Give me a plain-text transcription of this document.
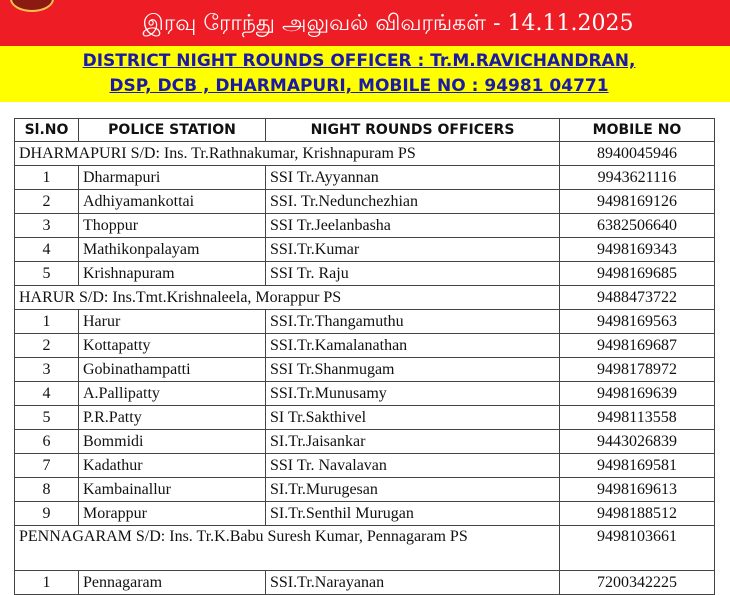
இரவு ரோந்து அலுவல் விவரங்கள் - 14.11.2025
DISTRICT NIGHT ROUNDS OFFICER : Tr.M.RAVICHANDRAN,
DSP, DCB , DHARMAPURI, MOBILE NO : 94981 04771
Sl.NO	POLICE STATION	NIGHT ROUNDS OFFICERS	MOBILE NO
DHARMAPURI S/D: Ins. Tr.Rathnakumar, Krishnapuram PS			8940045946
1	Dharmapuri	SSI Tr.Ayyannan	9943621116
2	Adhiyamankottai	SSI. Tr.Nedunchezhian	9498169126
3	Thoppur	SSI Tr.Jeelanbasha	6382506640
4	Mathikonpalayam	SSI.Tr.Kumar	9498169343
5	Krishnapuram	SSI Tr. Raju	9498169685
HARUR S/D: Ins.Tmt.Krishnaleela, Morappur PS			9488473722
1	Harur	SSI.Tr.Thangamuthu	9498169563
2	Kottapatty	SSI.Tr.Kamalanathan	9498169687
3	Gobinathampatti	SSI Tr.Shanmugam	9498178972
4	A.Pallipatty	SSI.Tr.Munusamy	9498169639
5	P.R.Patty	SI Tr.Sakthivel	9498113558
6	Bommidi	SI.Tr.Jaisankar	9443026839
7	Kadathur	SSI Tr. Navalavan	9498169581
8	Kambainallur	SI.Tr.Murugesan	9498169613
9	Morappur	SI.Tr.Senthil Murugan	9498188512
PENNAGARAM S/D: Ins. Tr.K.Babu Suresh Kumar, Pennagaram PS			9498103661
1	Pennagaram	SSI.Tr.Narayanan	7200342225
